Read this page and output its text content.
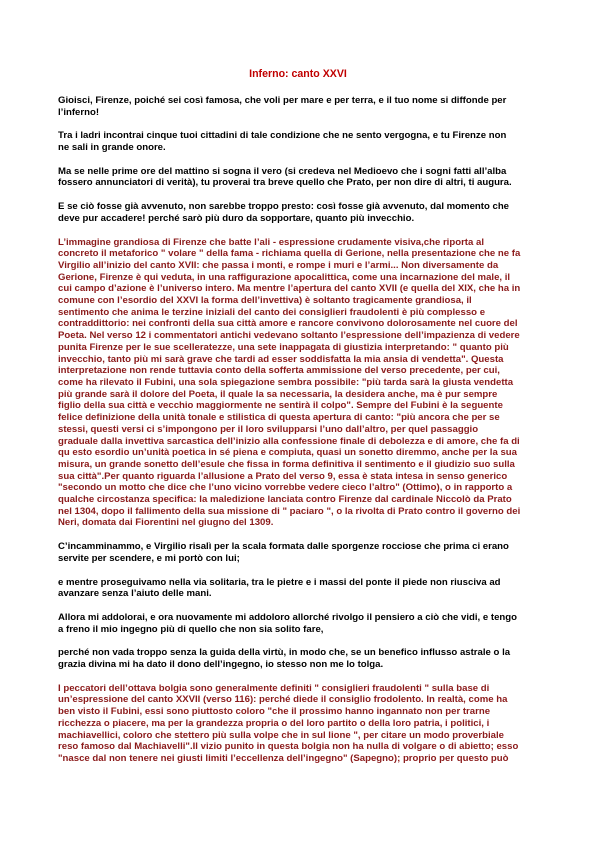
Inferno: canto XXVI

Gioisci, Firenze, poiché sei così famosa, che voli per mare e per terra, e il tuo nome si diffonde per
l’inferno!

Tra i ladri incontrai cinque tuoi cittadini di tale condizione che ne sento vergogna, e tu Firenze non
ne sali in grande onore.

Ma se nelle prime ore del mattino si sogna il vero (si credeva nel Medioevo che i sogni fatti all’alba
fossero annunciatori di verità), tu proverai tra breve quello che Prato, per non dire di altri, ti augura.

E se ciò fosse già avvenuto, non sarebbe troppo presto: così fosse già avvenuto, dal momento che
deve pur accadere! perché sarò più duro da sopportare, quanto più invecchio.

L’immagine grandiosa di Firenze che batte l’ali - espressione crudamente visiva,che riporta al
concreto il metaforico " volare " della fama - richiama quella di Gerione, nella presentazione che ne fa
Virgilio all’inizio del canto XVII: che passa i monti, e rompe i muri e l’armi... Non diversamente da
Gerione, Firenze è qui veduta, in una raffigurazione apocalittica, come una incarnazione del male, il
cui campo d’azione è l’universo intero. Ma mentre l’apertura del canto XVII (e quella del XIX, che ha in
comune con l’esordio del XXVI la forma dell’invettiva) è soltanto tragicamente grandiosa, il
sentimento che anima le terzine iniziali del canto dei consiglieri fraudolenti è più complesso e
contraddittorio: nei confronti della sua città amore e rancore convivono dolorosamente nel cuore del
Poeta. Nel verso 12 i commentatori antichi vedevano soltanto l’espressione dell’impazienza di vedere
punita Firenze per le sue scelleratezze, una sete inappagata di giustizia interpretando: " quanto più
invecchio, tanto più mi sarà grave che tardi ad esser soddisfatta la mia ansia di vendetta". Questa
interpretazione non rende tuttavia conto della sofferta ammissione del verso precedente, per cui,
come ha rilevato il Fubini, una sola spiegazione sembra possibile: "più tarda sarà la giusta vendetta
più grande sarà il dolore del Poeta, il quale la sa necessaria, la desidera anche, ma è pur sempre
figlio della sua città e vecchio maggiormente ne sentirà il colpo". Sempre del Fubini è la seguente
felice definizione della unità tonale e stilistica di questa apertura di canto: "più ancora che per se
stessi, questi versi ci s’impongono per il loro svilupparsi l’uno dall’altro, per quel passaggio
graduale dalla invettiva sarcastica dell’inizio alla confessione finale di debolezza e di amore, che fa di
qu esto esordio un’unità poetica in sé piena e compiuta, quasi un sonetto diremmo, anche per la sua
misura, un grande sonetto dell’esule che fissa in forma definitiva il sentimento e il giudizio suo sulla
sua città".Per quanto riguarda l’allusione a Prato del verso 9, essa è stata intesa in senso generico
"secondo un motto che dice che l’uno vicino vorrebbe vedere cieco l’altro" (Ottimo), o in rapporto a
qualche circostanza specifica: la maledizione lanciata contro Firenze dal cardinale Niccolò da Prato
nel 1304, dopo il fallimento della sua missione di " paciaro ", o la rivolta di Prato contro il governo dei
Neri, domata dai Fiorentini nel giugno del 1309.

C’incamminammo, e Virgilio risalì per la scala formata dalle sporgenze rocciose che prima ci erano
servite per scendere, e mi portò con lui;

e mentre proseguivamo nella via solitaria, tra le pietre e i massi del ponte il piede non riusciva ad
avanzare senza l’aiuto delle mani.

Allora mi addolorai, e ora nuovamente mi addoloro allorché rivolgo il pensiero a ciò che vidi, e tengo
a freno il mio ingegno più di quello che non sia solito fare,

perché non vada troppo senza la guida della virtù, in modo che, se un benefico influsso astrale o la
grazia divina mi ha dato il dono dell’ingegno, io stesso non me lo tolga.

I peccatori dell’ottava bolgia sono generalmente definiti " consiglieri fraudolenti " sulla base di
un’espressione del canto XXVII (verso 116): perché diede il consiglio frodolento. In realtà, come ha
ben visto il Fubini, essi sono piuttosto coloro "che il prossimo hanno ingannato non per trarne
ricchezza o piacere, ma per la grandezza propria o del loro partito o della loro patria, i politici, i
machiavellici, coloro che stettero più sulla volpe che in sul lione ", per citare un modo proverbiale
reso famoso dal Machiavelli".Il vizio punito in questa bolgia non ha nulla di volgare o di abietto; esso
"nasce dal non tenere nei giusti limiti l’eccellenza dell’ingegno" (Sapegno); proprio per questo può
